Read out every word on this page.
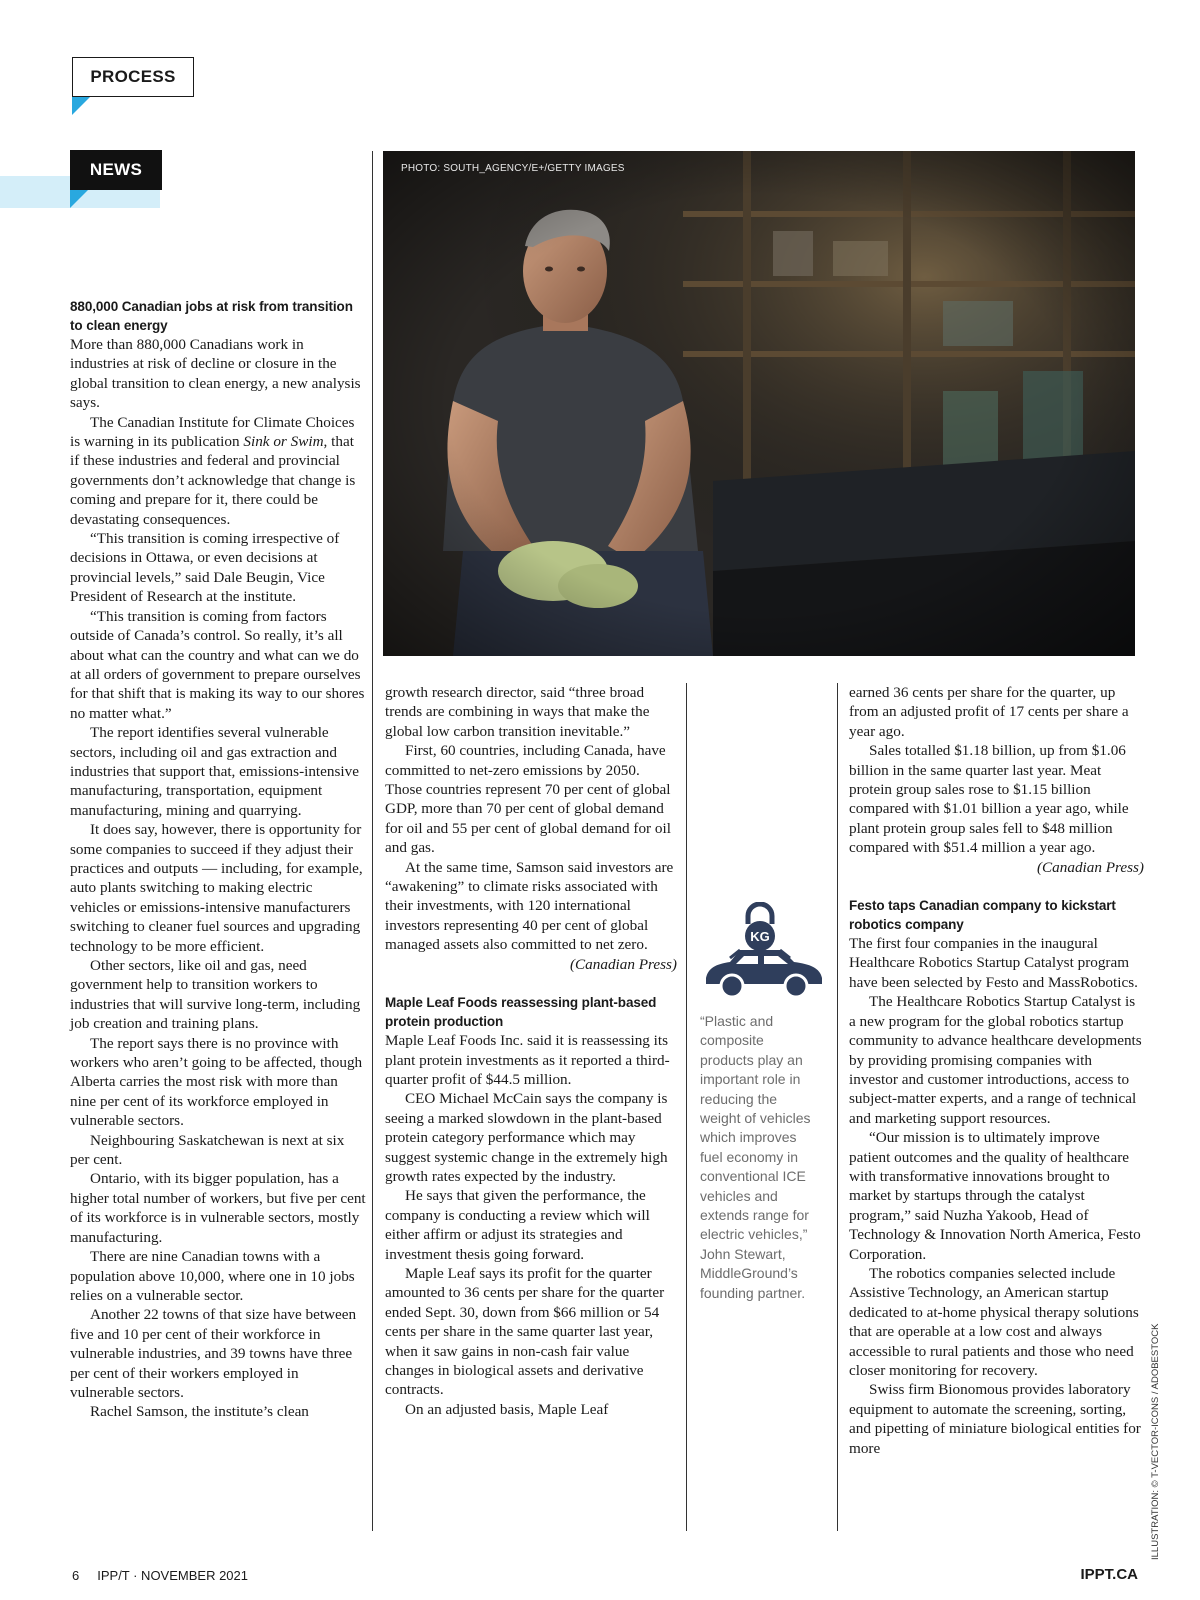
PROCESS
NEWS	PHOTO: SOUTH_AGENCY/E+/GETTY IMAGES
880,000 Canadian jobs at risk from transition to clean energy

More than 880,000 Canadians work in industries at risk of decline or closure in the global transition to clean energy, a new analysis says.

The Canadian Institute for Climate Choices is warning in its publication Sink or Swim, that if these industries and federal and provincial governments don’t acknowledge that change is coming and prepare for it, there could be devastating consequences.

“This transition is coming irrespective of decisions in Ottawa, or even decisions at provincial levels,” said Dale Beugin, Vice President of Research at the institute.

“This transition is coming from factors outside of Canada’s control. So really, it’s all about what can the country and what can we do at all orders of government to prepare ourselves for that shift that is making its way to our shores no matter what.”

The report identifies several vulnerable sectors, including oil and gas extraction and industries that support that, emissions-intensive manufacturing, transportation, equipment manufacturing, mining and quarrying.

It does say, however, there is opportunity for some companies to succeed if they adjust their practices and outputs — including, for example, auto plants switching to making electric vehicles or emissions-intensive manufacturers switching to cleaner fuel sources and upgrading technology to be more efficient.

Other sectors, like oil and gas, need government help to transition workers to industries that will survive long-term, including job creation and training plans.

The report says there is no province with workers who aren’t going to be affected, though Alberta carries the most risk with more than nine per cent of its workforce employed in vulnerable sectors.

Neighbouring Saskatchewan is next at six per cent.

Ontario, with its bigger population, has a higher total number of workers, but five per cent of its workforce is in vulnerable sectors, mostly manufacturing.

There are nine Canadian towns with a population above 10,000, where one in 10 jobs relies on a vulnerable sector.

Another 22 towns of that size have between five and 10 per cent of their workforce in vulnerable industries, and 39 towns have three per cent of their workers employed in vulnerable sectors.

Rachel Samson, the institute’s clean

growth research director, said “three broad trends are combining in ways that make the global low carbon transition inevitable.”

First, 60 countries, including Canada, have committed to net-zero emissions by 2050. Those countries represent 70 per cent of global GDP, more than 70 per cent of global demand for oil and 55 per cent of global demand for oil and gas.

At the same time, Samson said investors are “awakening” to climate risks associated with their investments, with 120 international investors representing 40 per cent of global managed assets also committed to net zero.

(Canadian Press)

Maple Leaf Foods reassessing plant-based protein production

Maple Leaf Foods Inc. said it is reassessing its plant protein investments as it reported a third-quarter profit of $44.5 million.

CEO Michael McCain says the company is seeing a marked slowdown in the plant-based protein category performance which may suggest systemic change in the extremely high growth rates expected by the industry.

He says that given the performance, the company is conducting a review which will either affirm or adjust its strategies and investment thesis going forward.

Maple Leaf says its profit for the quarter amounted to 36 cents per share for the quarter ended Sept. 30, down from $66 million or 54 cents per share in the same quarter last year, when it saw gains in non-cash fair value changes in biological assets and derivative contracts.

On an adjusted basis, Maple Leaf

KG
“Plastic and composite products play an important role in reducing the weight of vehicles which improves fuel economy in conventional ICE vehicles and extends range for electric vehicles,” John Stewart, MiddleGround’s founding partner.

earned 36 cents per share for the quarter, up from an adjusted profit of 17 cents per share a year ago.

Sales totalled $1.18 billion, up from $1.06 billion in the same quarter last year. Meat protein group sales rose to $1.15 billion compared with $1.01 billion a year ago, while plant protein group sales fell to $48 million compared with $51.4 million a year ago.

(Canadian Press)

Festo taps Canadian company to kickstart robotics company

The first four companies in the inaugural Healthcare Robotics Startup Catalyst program have been selected by Festo and MassRobotics.

The Healthcare Robotics Startup Catalyst is a new program for the global robotics startup community to advance healthcare developments by providing promising companies with investor and customer introductions, access to subject-matter experts, and a range of technical and marketing support resources.

“Our mission is to ultimately improve patient outcomes and the quality of healthcare with transformative innovations brought to market by startups through the catalyst program,” said Nuzha Yakoob, Head of Technology & Innovation North America, Festo Corporation.

The robotics companies selected include Assistive Technology, an American startup dedicated to at-home physical therapy solutions that are operable at a low cost and always accessible to rural patients and those who need closer monitoring for recovery.

Swiss firm Bionomous provides laboratory equipment to automate the screening, sorting, and pipetting of miniature biological entities for more	ILLUSTRATION: © T-VECTOR-ICONS / ADOBESTOCK
6 IPP/T · NOVEMBER 2021	IPPT.CA
